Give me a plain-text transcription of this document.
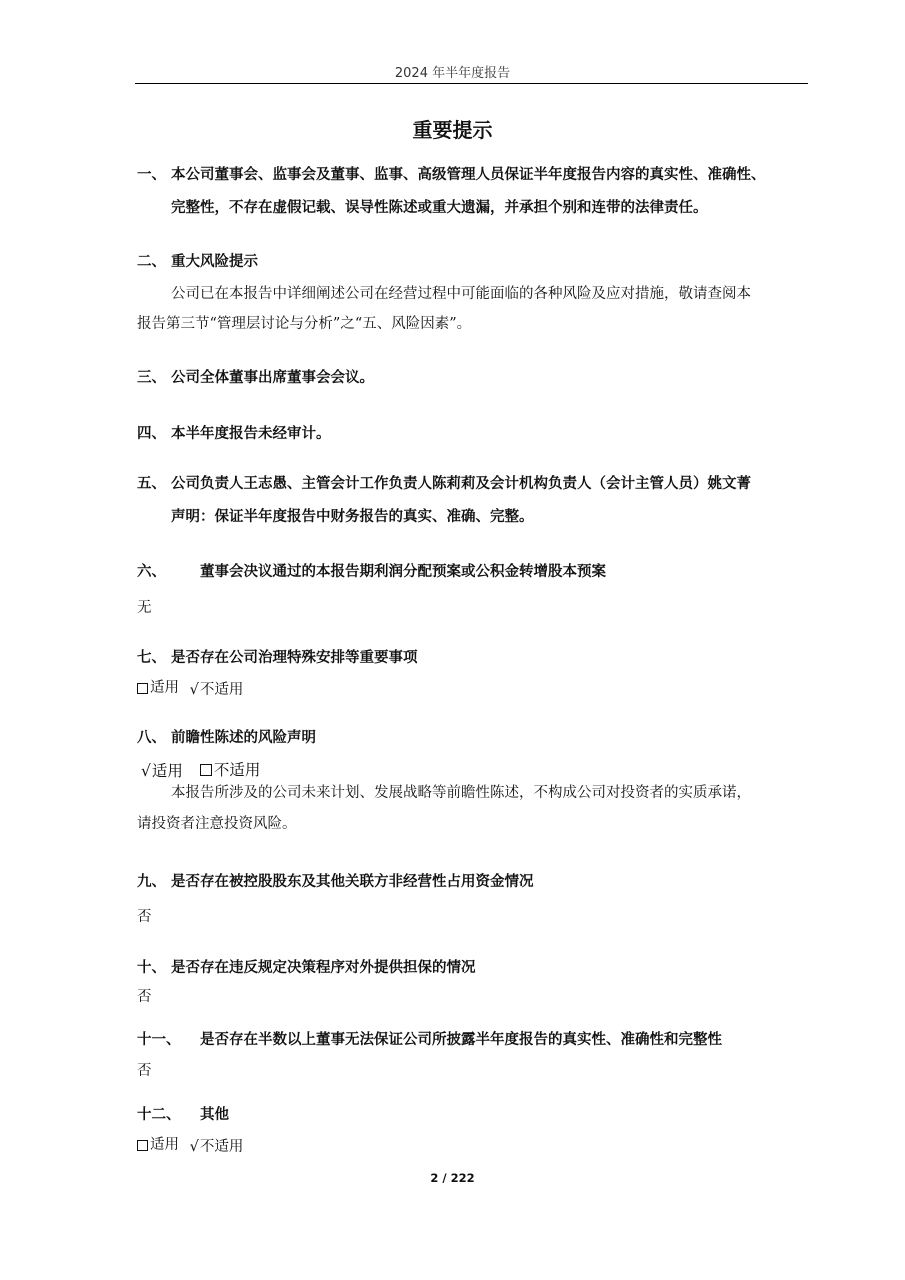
2024 年半年度报告
重要提示
一、 本公司董事会、监事会及董事、监事、高级管理人员保证半年度报告内容的真实性、准确性、
完整性，不存在虚假记载、误导性陈述或重大遗漏，并承担个别和连带的法律责任。
二、 重大风险提示
公司已在本报告中详细阐述公司在经营过程中可能面临的各种风险及应对措施，敬请查阅本
报告第三节“管理层讨论与分析”之“五、风险因素”。
三、 公司全体董事出席董事会会议。
四、 本半年度报告未经审计。
五、 公司负责人王志愚、主管会计工作负责人陈莉莉及会计机构负责人（会计主管人员）姚文菁
声明：保证半年度报告中财务报告的真实、准确、完整。
六、 董事会决议通过的本报告期利润分配预案或公积金转增股本预案
无
七、 是否存在公司治理特殊安排等重要事项
适用
√ 不适用
八、 前瞻性陈述的风险声明
√ 适用
不适用
本报告所涉及的公司未来计划、发展战略等前瞻性陈述，不构成公司对投资者的实质承诺，
请投资者注意投资风险。
九、 是否存在被控股股东及其他关联方非经营性占用资金情况
否
十、 是否存在违反规定决策程序对外提供担保的情况
否
十一、 是否存在半数以上董事无法保证公司所披露半年度报告的真实性、准确性和完整性
否
十二、 其他
适用
√ 不适用
2 / 222
